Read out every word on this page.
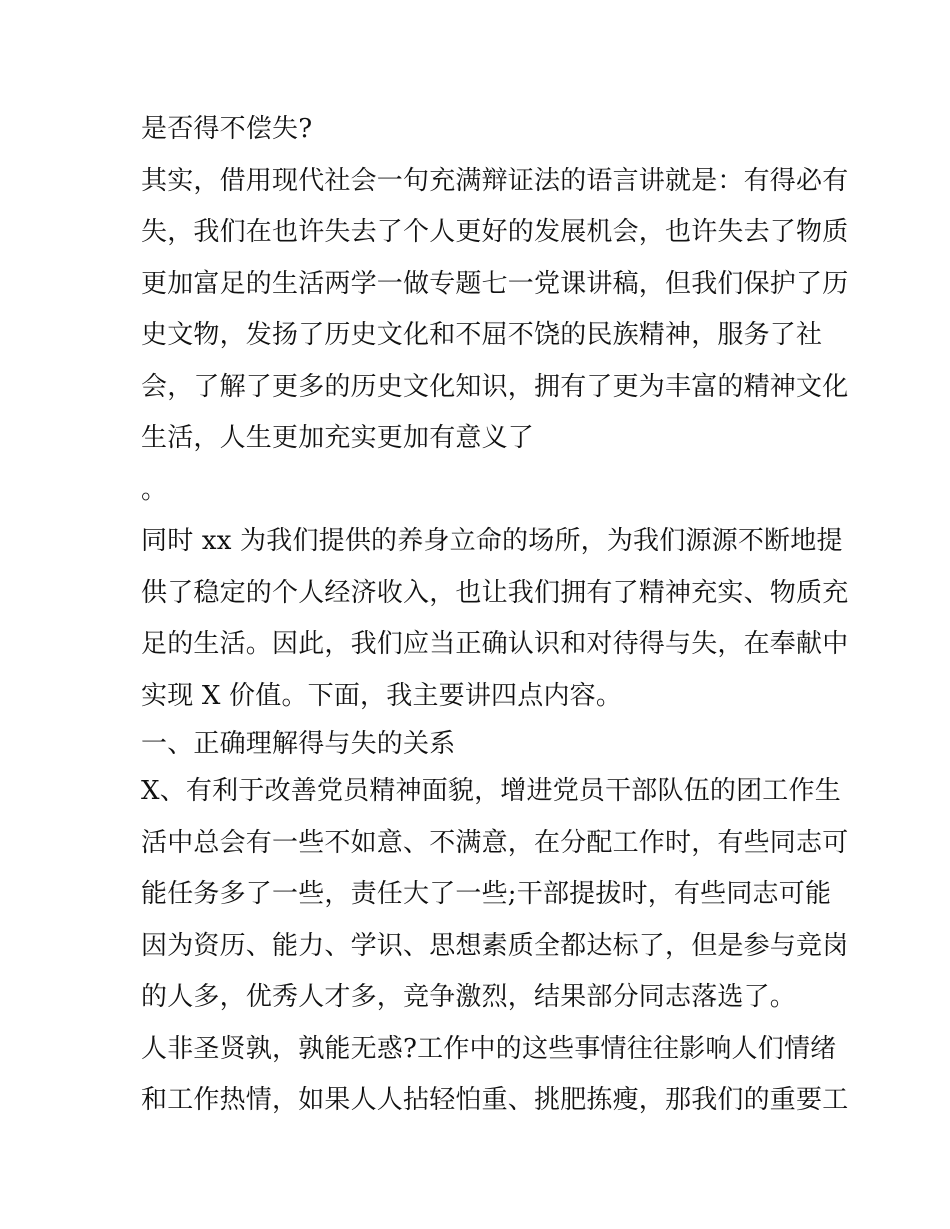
是否得不偿失?
其实，借用现代社会一句充满辩证法的语言讲就是：有得必有
失，我们在也许失去了个人更好的发展机会，也许失去了物质
更加富足的生活两学一做专题七一党课讲稿，但我们保护了历
史文物，发扬了历史文化和不屈不饶的民族精神，服务了社
会，了解了更多的历史文化知识，拥有了更为丰富的精神文化
生活，人生更加充实更加有意义了
。
同时 xx 为我们提供的养身立命的场所，为我们源源不断地提
供了稳定的个人经济收入，也让我们拥有了精神充实、物质充
足的生活。因此，我们应当正确认识和对待得与失，在奉献中
实现 X 价值。下面，我主要讲四点内容。
一、正确理解得与失的关系
X、有利于改善党员精神面貌，增进党员干部队伍的团工作生
活中总会有一些不如意、不满意，在分配工作时，有些同志可
能任务多了一些，责任大了一些;干部提拔时，有些同志可能
因为资历、能力、学识、思想素质全都达标了，但是参与竞岗
的人多，优秀人才多，竞争激烈，结果部分同志落选了。
人非圣贤孰，孰能无惑?工作中的这些事情往往影响人们情绪
和工作热情，如果人人拈轻怕重、挑肥拣瘦，那我们的重要工
